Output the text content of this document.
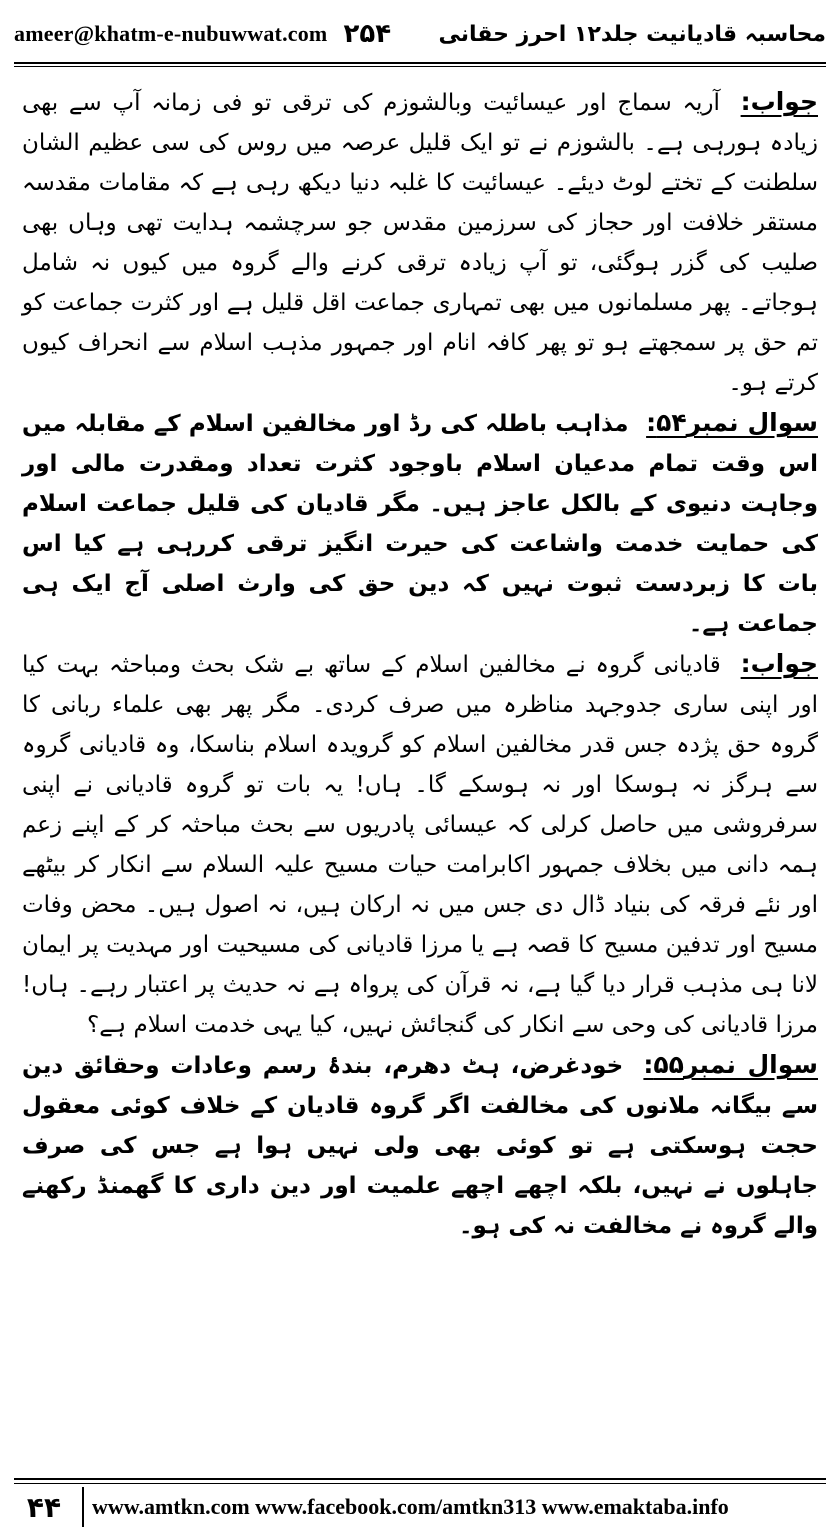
ameer@khatm-e-nubuwwat.com ۲۵۴ محاسبہ قادیانیت جلد۱۲ احرز حقانی

جواب: آریہ سماج اور عیسائیت وبالشوزم کی ترقی تو فی زمانہ آپ سے بھی زیادہ ہورہی ہے۔ بالشوزم نے تو ایک قلیل عرصہ میں روس کی سی عظیم الشان سلطنت کے تختے لوٹ دیئے۔ عیسائیت کا غلبہ دنیا دیکھ رہی ہے کہ مقامات مقدسہ مستقر خلافت اور حجاز کی سرزمین مقدس جو سرچشمہ ہدایت تھی وہاں بھی صلیب کی گزر ہوگئی، تو آپ زیادہ ترقی کرنے والے گروہ میں کیوں نہ شامل ہوجاتے۔ پھر مسلمانوں میں بھی تمہاری جماعت اقل قلیل ہے اور کثرت جماعت کو تم حق پر سمجھتے ہو تو پھر کافہ انام اور جمہور مذہب اسلام سے انحراف کیوں کرتے ہو۔

سوال نمبر۵۴: مذاہب باطلہ کی رڈ اور مخالفین اسلام کے مقابلہ میں اس وقت تمام مدعیان اسلام باوجود کثرت تعداد ومقدرت مالی اور وجاہت دنیوی کے بالکل عاجز ہیں۔ مگر قادیان کی قلیل جماعت اسلام کی حمایت خدمت واشاعت کی حیرت انگیز ترقی کررہی ہے کیا اس بات کا زبردست ثبوت نہیں کہ دین حق کی وارث اصلی آج ایک ہی جماعت ہے۔

جواب: قادیانی گروہ نے مخالفین اسلام کے ساتھ بے شک بحث ومباحثہ بہت کیا اور اپنی ساری جدوجہد مناظرہ میں صرف کردی۔ مگر پھر بھی علماء ربانی کا گروہ حق پژدہ جس قدر مخالفین اسلام کو گرویدہ اسلام بناسکا، وہ قادیانی گروہ سے ہرگز نہ ہوسکا اور نہ ہوسکے گا۔ ہاں! یہ بات تو گروہ قادیانی نے اپنی سرفروشی میں حاصل کرلی کہ عیسائی پادریوں سے بحث مباحثہ کر کے اپنے زعم ہمہ دانی میں بخلاف جمہور اکابرامت حیات مسیح علیہ السلام سے انکار کر بیٹھے اور نئے فرقہ کی بنیاد ڈال دی جس میں نہ ارکان ہیں، نہ اصول ہیں۔ محض وفات مسیح اور تدفین مسیح کا قصہ ہے یا مرزا قادیانی کی مسیحیت اور مہدیت پر ایمان لانا ہی مذہب قرار دیا گیا ہے، نہ قرآن کی پرواہ ہے نہ حدیث پر اعتبار رہے۔ ہاں! مرزا قادیانی کی وحی سے انکار کی گنجائش نہیں، کیا یہی خدمت اسلام ہے؟

سوال نمبر۵۵: خودغرض، ہٹ دھرم، بندۂ رسم وعادات وحقائق دین سے بیگانہ ملانوں کی مخالفت اگر گروہ قادیان کے خلاف کوئی معقول حجت ہوسکتی ہے تو کوئی بھی ولی نہیں ہوا ہے جس کی صرف جاہلوں نے نہیں، بلکہ اچھے اچھے علمیت اور دین داری کا گھمنڈ رکھنے والے گروہ نے مخالفت نہ کی ہو۔

۴۴	www.amtkn.com www.facebook.com/amtkn313 www.emaktaba.info
